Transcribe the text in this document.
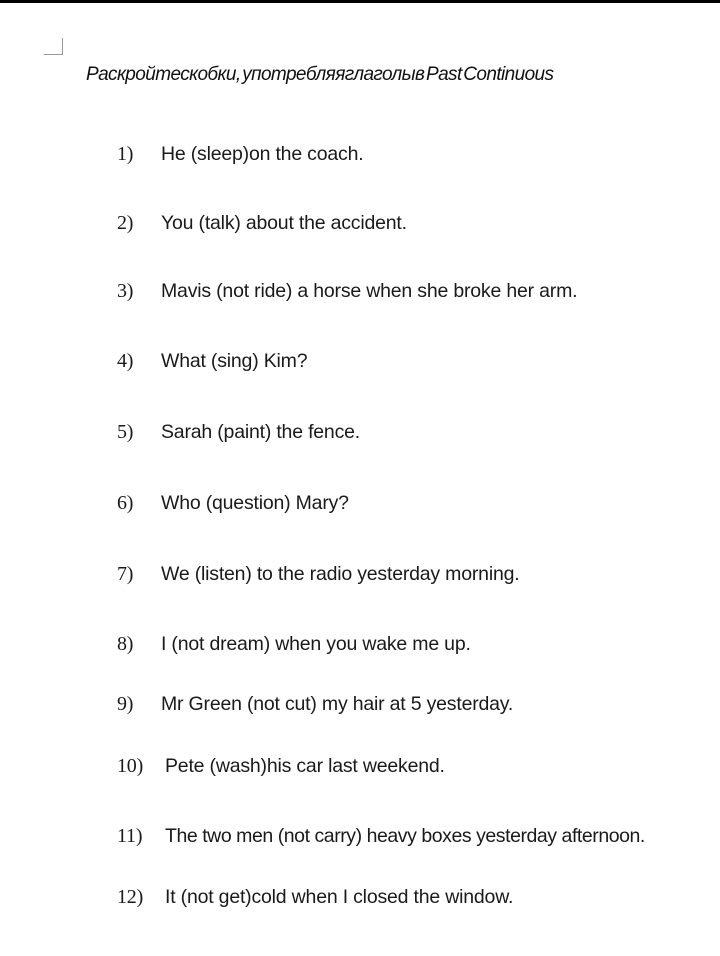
Раскройтескобки, употребляяглаголыв Past Continuous
1) He (sleep)on the coach.
2) You (talk) about the accident.
3) Mavis (not ride) a horse when she broke her arm.
4) What (sing) Kim?
5) Sarah (paint) the fence.
6) Who (question) Mary?
7) We (listen) to the radio yesterday morning.
8) I (not dream) when you wake me up.
9) Mr Green (not cut) my hair at 5 yesterday.
10) Pete (wash)his car last weekend.
11) The two men (not carry) heavy boxes yesterday afternoon.
12) It (not get)cold when I closed the window.
